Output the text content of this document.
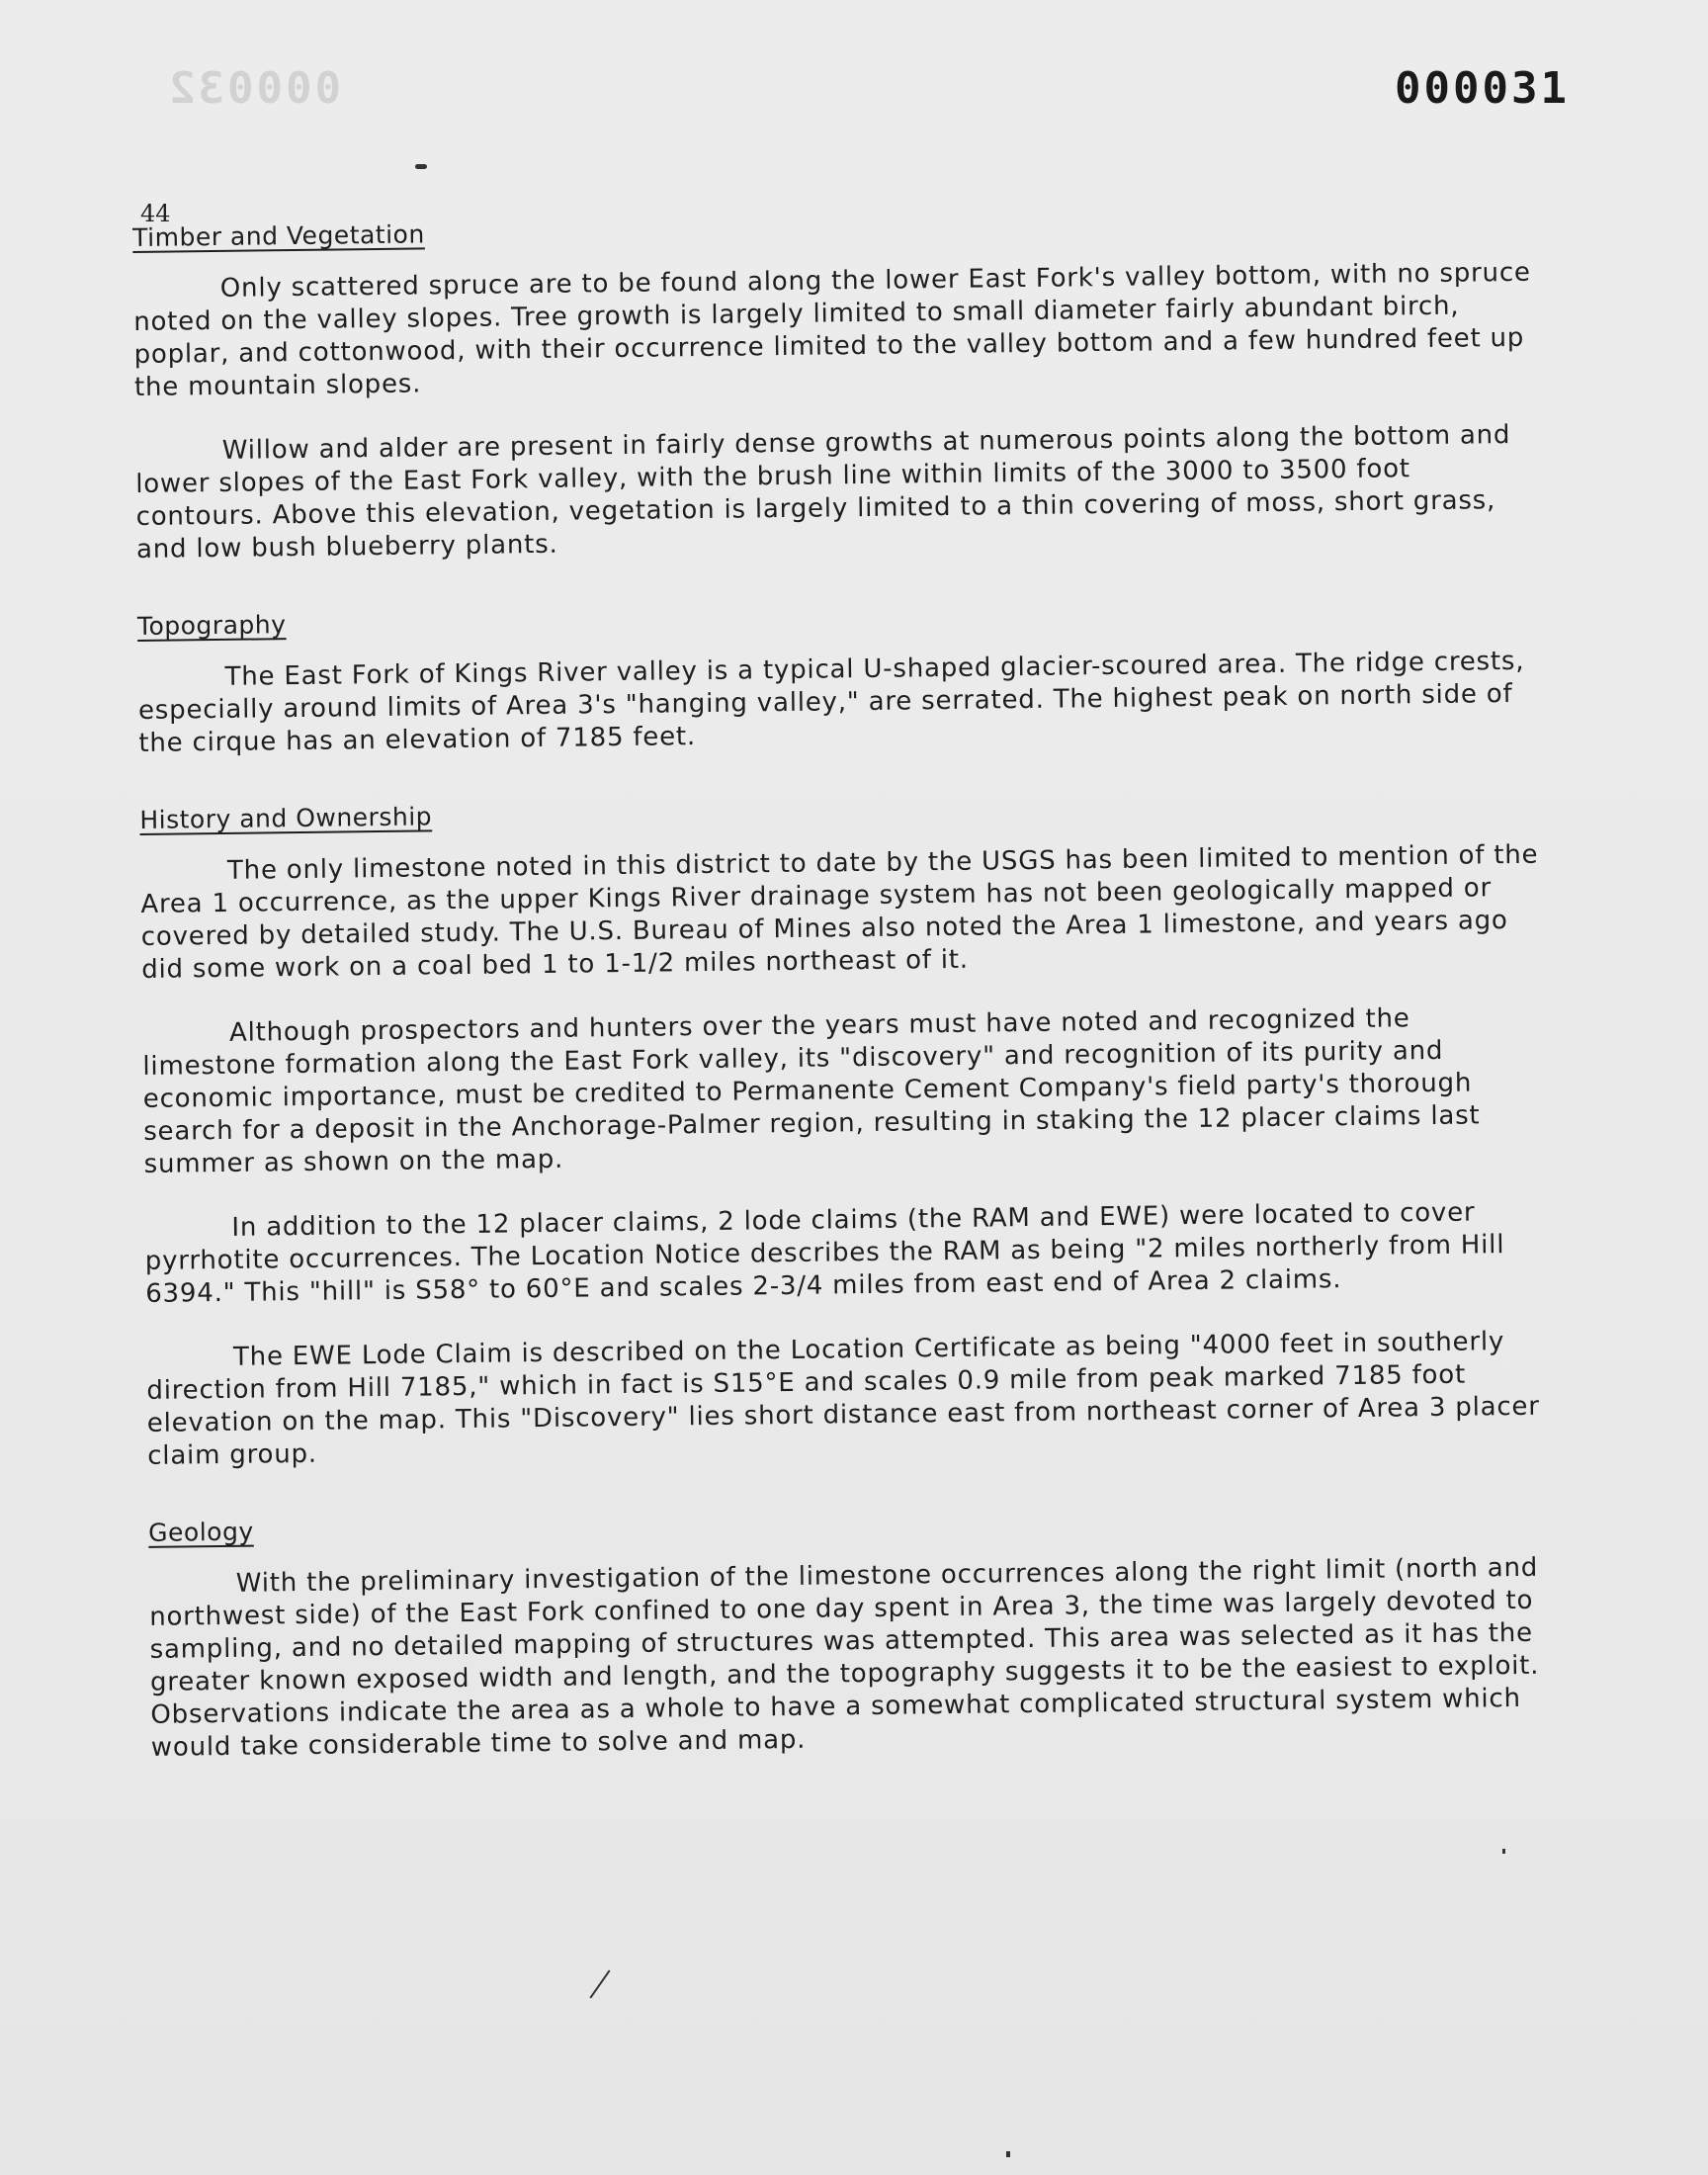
000032	000031
44
Timber and Vegetation

Only scattered spruce are to be found along the lower East Fork's valley bottom, with no spruce noted on the valley slopes. Tree growth is largely limited to small diameter fairly abundant birch, poplar, and cottonwood, with their occurrence limited to the valley bottom and a few hundred feet up the mountain slopes.

Willow and alder are present in fairly dense growths at numerous points along the bottom and lower slopes of the East Fork valley, with the brush line within limits of the 3000 to 3500 foot contours. Above this elevation, vegetation is largely limited to a thin covering of moss, short grass, and low bush blueberry plants.

Topography

The East Fork of Kings River valley is a typical U-shaped glacier-scoured area. The ridge crests, especially around limits of Area 3's "hanging valley," are serrated. The highest peak on north side of the cirque has an elevation of 7185 feet.

History and Ownership

The only limestone noted in this district to date by the USGS has been limited to mention of the Area 1 occurrence, as the upper Kings River drainage system has not been geologically mapped or covered by detailed study. The U.S. Bureau of Mines also noted the Area 1 limestone, and years ago did some work on a coal bed 1 to 1-1/2 miles northeast of it.

Although prospectors and hunters over the years must have noted and recognized the limestone formation along the East Fork valley, its "discovery" and recognition of its purity and economic importance, must be credited to Permanente Cement Company's field party's thorough search for a deposit in the Anchorage-Palmer region, resulting in staking the 12 placer claims last summer as shown on the map.

In addition to the 12 placer claims, 2 lode claims (the RAM and EWE) were located to cover pyrrhotite occurrences. The Location Notice describes the RAM as being "2 miles northerly from Hill 6394." This "hill" is S58° to 60°E and scales 2-3/4 miles from east end of Area 2 claims.

The EWE Lode Claim is described on the Location Certificate as being "4000 feet in southerly direction from Hill 7185," which in fact is S15°E and scales 0.9 mile from peak marked 7185 foot elevation on the map. This "Discovery" lies short distance east from northeast corner of Area 3 placer claim group.

Geology

With the preliminary investigation of the limestone occurrences along the right limit (north and northwest side) of the East Fork confined to one day spent in Area 3, the time was largely devoted to sampling, and no detailed mapping of structures was attempted. This area was selected as it has the greater known exposed width and length, and the topography suggests it to be the easiest to exploit. Observations indicate the area as a whole to have a somewhat complicated structural system which would take considerable time to solve and map.
